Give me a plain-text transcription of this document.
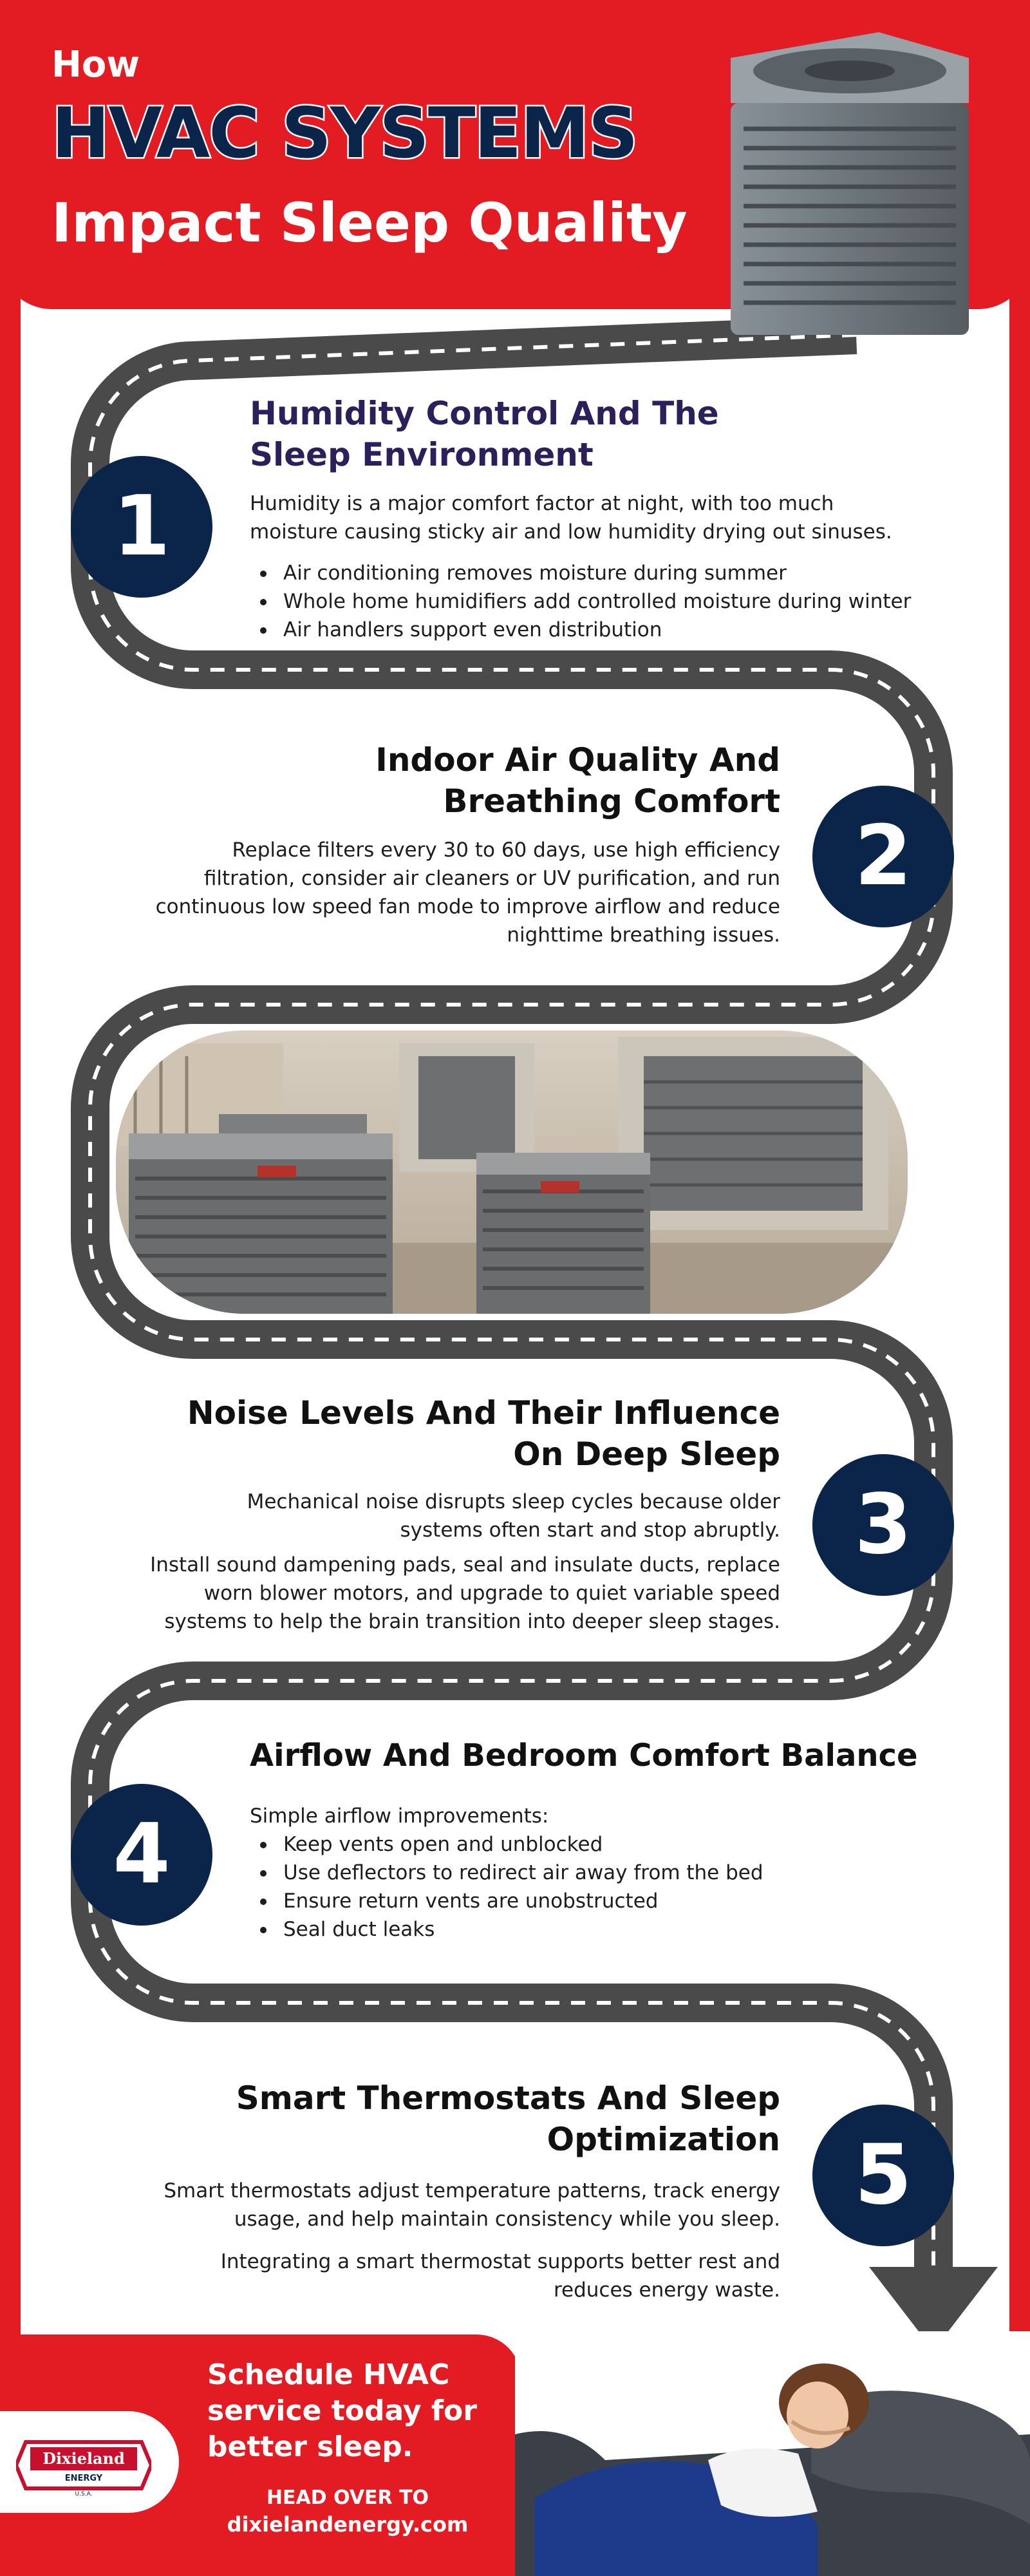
How
HVAC SYSTEMS
Impact Sleep Quality
1
Humidity Control And The
Sleep Environment
Humidity is a major comfort factor at night, with too much
moisture causing sticky air and low humidity drying out sinuses.
Air conditioning removes moisture during summer
Whole home humidifiers add controlled moisture during winter
Air handlers support even distribution
2
Indoor Air Quality And
Breathing Comfort
Replace filters every 30 to 60 days, use high efficiency
filtration, consider air cleaners or UV purification, and run
continuous low speed fan mode to improve airflow and reduce
nighttime breathing issues.
3
Noise Levels And Their Influence
On Deep Sleep
Mechanical noise disrupts sleep cycles because older
systems often start and stop abruptly.
Install sound dampening pads, seal and insulate ducts, replace
worn blower motors, and upgrade to quiet variable speed
systems to help the brain transition into deeper sleep stages.
4
Airflow And Bedroom Comfort Balance
Simple airflow improvements:
Keep vents open and unblocked
Use deflectors to redirect air away from the bed
Ensure return vents are unobstructed
Seal duct leaks
5
Smart Thermostats And Sleep
Optimization
Smart thermostats adjust temperature patterns, track energy
usage, and help maintain consistency while you sleep.
Integrating a smart thermostat supports better rest and
reduces energy waste.
Dixieland
ENERGY
U.S.A.
Schedule HVAC
service today for
better sleep.
HEAD OVER TO
dixielandenergy.com
